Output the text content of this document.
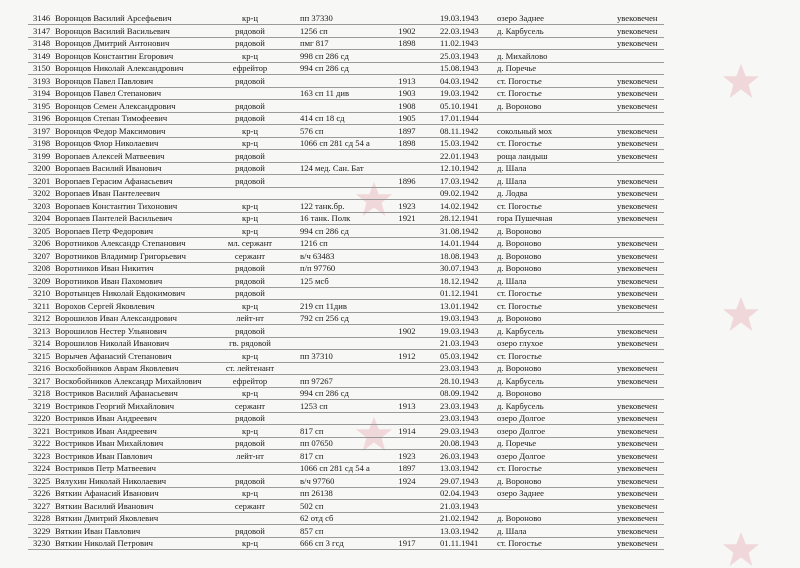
3146 Воронцов Василий Арсефьевич	кр-ц	пп 37330	19.03.1943 озеро Заднее	увековечен
3147 Воронцов Василий Васильевич	рядовой	1256 сп	1902	22.03.1943 д. Карбусель	увековечен
3148 Воронцов Дмитрий Антонович	рядовой	пмг 817	1898	11.02.1943	увековечен
3149 Воронцов Константин Егорович	кр-ц	998 сп 286 сд	25.03.1943 д. Михайлово
3150 Воронцов Николай Александрович	ефрейтор	994 сп 286 сд	15.08.1943 д. Поречье
3193 Воронцов Павел Павлович	рядовой	1913	04.03.1942 ст. Погостье	увековечен
3194 Воронцов Павел Степанович	163 сп 11 див	1903	19.03.1942 ст. Погостье	увековечен
3195 Воронцов Семен Александрович	рядовой	1908	05.10.1941 д. Вороново	увековечен
3196 Воронцов Степан Тимофеевич	рядовой	414 сп 18 сд	1905	17.01.1944
3197 Воронцов Федор Максимович	кр-ц	576 сп	1897	08.11.1942 сокольный мох	увековечен
3198 Воронцов Флор Николаевич	кр-ц	1066 сп 281 сд 54 а	1898	15.03.1942 ст. Погостье	увековечен
3199 Воропаев Алексей Матвеевич	рядовой	22.01.1943 роща ландыш	увековечен
3200 Воропаев Василий Иванович	рядовой	124 мед. Сан. Бат	12.10.1942 д. Шала
3201 Воропаев Герасим Афанасьевич	рядовой	1896	17.03.1942 д. Шала	увековечен
3202 Воропаев Иван Пантелеевич	09.02.1942 д. Лодва	увековечен
3203 Воропаев Константин Тихонович	кр-ц	122 танк.бр.	1923	14.02.1942 ст. Погостье	увековечен
3204 Воропаев Пантелей Васильевич	кр-ц	16 танк. Полк	1921	28.12.1941 гора Пушечная	увековечен
3205 Воропаев Петр Федорович	кр-ц	994 сп 286 сд	31.08.1942 д. Вороново
3206 Воротников Александр Степанович	мл. сержант	1216 сп	14.01.1944 д. Вороново	увековечен
3207 Воротников Владимир Григорьевич	сержант	в/ч 63483	18.08.1943 д. Вороново	увековечен
3208 Воротников Иван Никитич	рядовой	п/п 97760	30.07.1943 д. Вороново	увековечен
3209 Воротников Иван Пахомович	рядовой	125 мсб	18.12.1942 д. Шала	увековечен
3210 Воротынцев Николай Евдокимович	рядовой	01.12.1941 ст. Погостье	увековечен
3211 Ворохов Сергей Яковлевич	кр-ц	219 сп 11див	13.01.1942 ст. Погостье	увековечен
3212 Ворошилов Иван Александрович	лейт-нт	792 сп 256 сд	19.03.1943 д. Вороново
3213 Ворошилов Нестер Ульянович	рядовой	1902	19.03.1943 д. Карбусель	увековечен
3214 Ворошилов Николай Иванович	гв. рядовой	21.03.1943 озеро глухое	увековечен
3215 Ворычев Афанасий Степанович	кр-ц	пп 37310	1912	05.03.1942 ст. Погостье
3216 Воскобойников Аврам Яковлевич	ст. лейтенант	23.03.1943 д. Вороново	увековечен
3217 Воскобойников Александр Михайлович	ефрейтор	пп 97267	28.10.1943 д. Карбусель	увековечен
3218 Востриков Василий Афанасьевич	кр-ц	994 сп 286 сд	08.09.1942 д. Вороново
3219 Востриков Георгий Михайлович	сержант	1253 сп	1913	23.03.1943 д. Карбусель	увековечен
3220 Востриков Иван Андреевич	рядовой	23.03.1943 озеро Долгое	увековечен
3221 Востриков Иван Андреевич	кр-ц	817 сп	1914	29.03.1943 озеро Долгое	увековечен
3222 Востриков Иван Михайлович	рядовой	пп 07650	20.08.1943 д. Поречье	увековечен
3223 Востриков Иван Павлович	лейт-нт	817 сп	1923	26.03.1943 озеро Долгое	увековечен
3224 Востриков Петр Матвеевич	1066 сп 281 сд 54 а	1897	13.03.1942 ст. Погостье	увековечен
3225 Вялухин Николай Николаевич	рядовой	в/ч 97760	1924	29.07.1943 д. Вороново	увековечен
3226 Вяткин Афанасий Иванович	кр-ц	пп 26138	02.04.1943 озеро Заднее	увековечен
3227 Вяткин Василий Иванович	сержант	502 сп	21.03.1943	увековечен
3228 Вяткин Дмитрий Яковлевич	62 отд сб	21.02.1942 д. Вороново	увековечен
3229 Вяткин Иван Павлович	рядовой	857 сп	13.03.1942 д. Шала	увековечен
3230 Вяткин Николай Петрович	кр-ц	666 сп 3 гсд	1917	01.11.1941 ст. Погостье	увековечен
